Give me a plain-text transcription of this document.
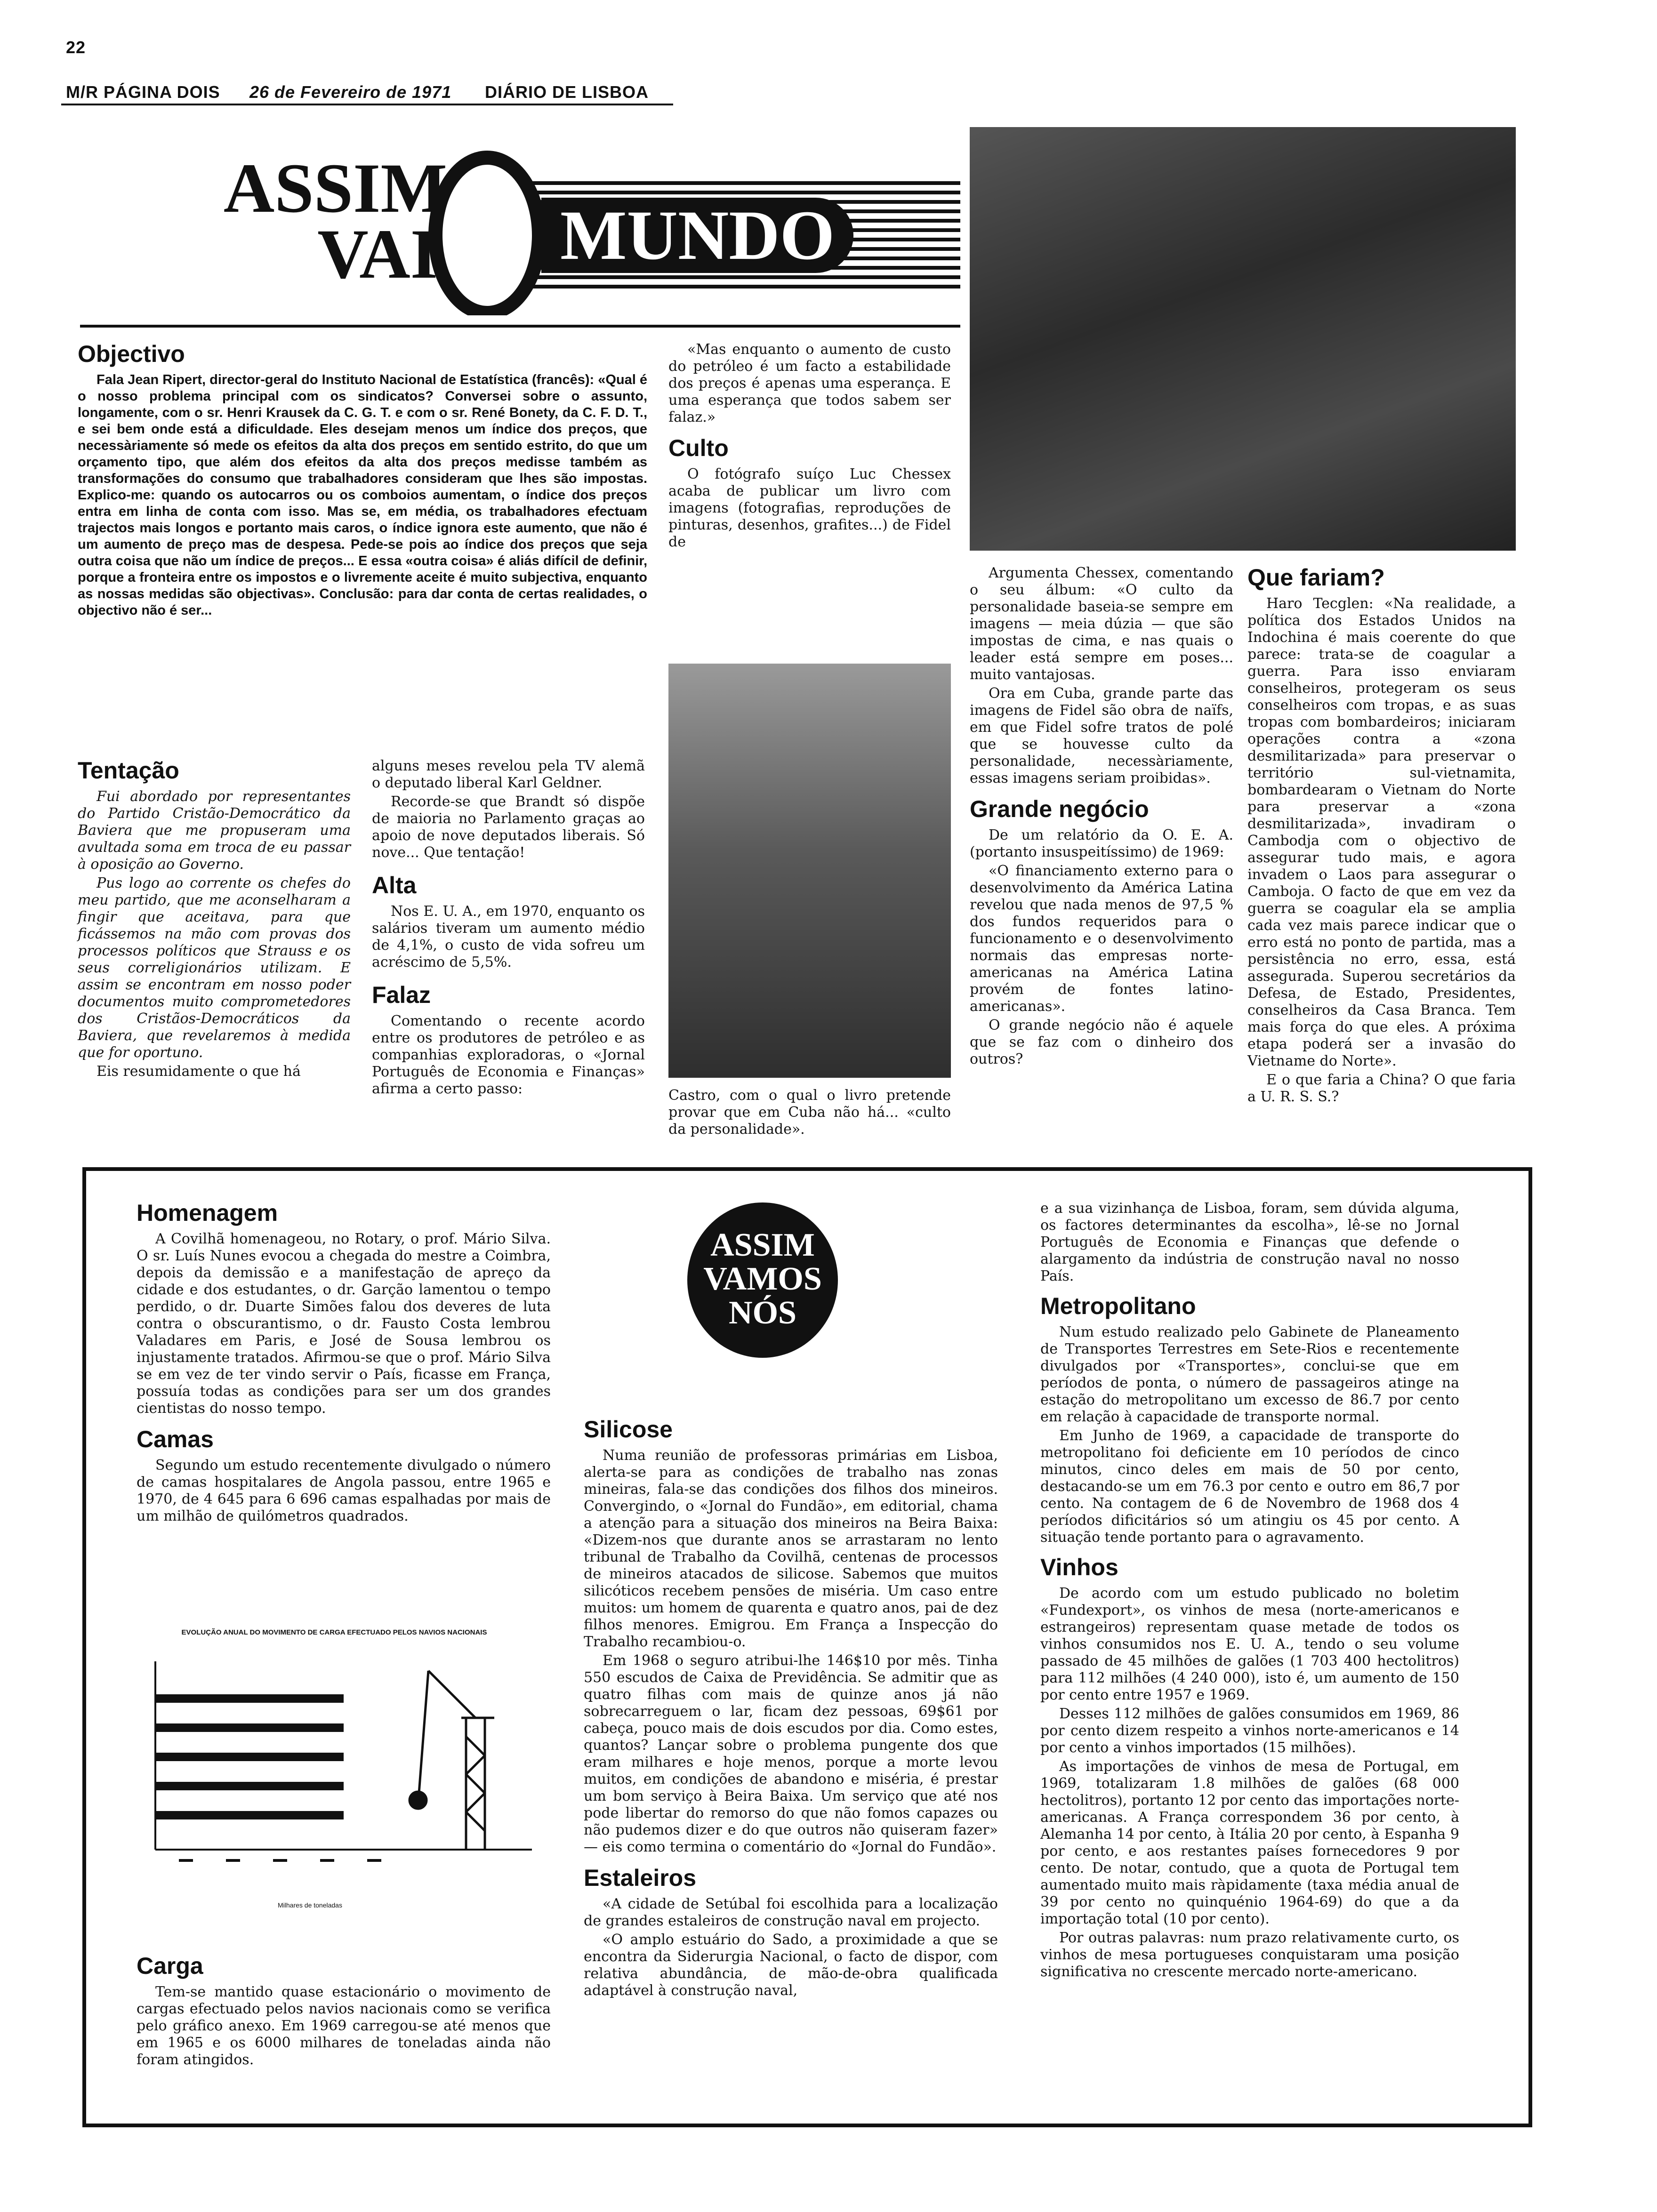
22
M/R PÁGINA DOIS 26 de Fevereiro de 1971 DIÁRIO DE LISBOA
ASSIM
VAI MUNDO
Objectivo

Fala Jean Ripert, director-geral do Instituto Nacional de Estatística (francês): «Qual é o nosso problema principal com os sindicatos? Conversei sobre o assunto, longamente, com o sr. Henri Krausek da C. G. T. e com o sr. René Bonety, da C. F. D. T., e sei bem onde está a dificuldade. Eles desejam menos um índice dos preços, que necessàriamente só mede os efeitos da alta dos preços em sentido estrito, do que um orçamento tipo, que além dos efeitos da alta dos preços medisse também as transformações do consumo que trabalhadores consideram que lhes são impostas. Explico-me: quando os autocarros ou os comboios aumentam, o índice dos preços entra em linha de conta com isso. Mas se, em média, os trabalhadores efectuam trajectos mais longos e portanto mais caros, o índice ignora este aumento, que não é um aumento de preço mas de despesa. Pede-se pois ao índice dos preços que seja outra coisa que não um índice de preços... E essa «outra coisa» é aliás difícil de definir, porque a fronteira entre os impostos e o livremente aceite é muito subjectiva, enquanto as nossas medidas são objectivas». Conclusão: para dar conta de certas realidades, o objectivo não é ser...

Tentação

Fui abordado por representantes do Partido Cristão-Democrático da Baviera que me propuseram uma avultada soma em troca de eu passar à oposição ao Governo.

Pus logo ao corrente os chefes do meu partido, que me aconselharam a fingir que aceitava, para que ficássemos na mão com provas dos processos políticos que Strauss e os seus correligionários utilizam. E assim se encontram em nosso poder documentos muito comprometedores dos Cristãos-Democráticos da Baviera, que revelaremos à medida que for oportuno.

Eis resumidamente o que há

alguns meses revelou pela TV alemã o deputado liberal Karl Geldner.

Recorde-se que Brandt só dispõe de maioria no Parlamento graças ao apoio de nove deputados liberais. Só nove... Que tentação!

Alta

Nos E. U. A., em 1970, enquanto os salários tiveram um aumento médio de 4,1%, o custo de vida sofreu um acréscimo de 5,5%.

Falaz

Comentando o recente acordo entre os produtores de petróleo e as companhias exploradoras, o «Jornal Português de Economia e Finanças» afirma a certo passo:

«Mas enquanto o aumento de custo do petróleo é um facto a estabilidade dos preços é apenas uma esperança. E uma esperança que todos sabem ser falaz.»

Culto

O fotógrafo suíço Luc Chessex acaba de publicar um livro com imagens (fotografias, reproduções de pinturas, desenhos, grafites...) de Fidel de

Castro, com o qual o livro pretende provar que em Cuba não há... «culto da personalidade».

Argumenta Chessex, comentando o seu álbum: «O culto da personalidade baseia-se sempre em imagens — meia dúzia — que são impostas de cima, e nas quais o leader está sempre em poses... muito vantajosas.

Ora em Cuba, grande parte das imagens de Fidel são obra de naïfs, em que Fidel sofre tratos de polé que se houvesse culto da personalidade, necessàriamente, essas imagens seriam proibidas».

Grande negócio

De um relatório da O. E. A. (portanto insuspeitíssimo) de 1969:

«O financiamento externo para o desenvolvimento da América Latina revelou que nada menos de 97,5 % dos fundos requeridos para o funcionamento e o desenvolvimento normais das empresas norte-americanas na América Latina provém de fontes latino-americanas».

O grande negócio não é aquele que se faz com o dinheiro dos outros?

Que fariam?

Haro Tecglen: «Na realidade, a política dos Estados Unidos na Indochina é mais coerente do que parece: trata-se de coagular a guerra. Para isso enviaram conselheiros, protegeram os seus conselheiros com tropas, e as suas tropas com bombardeiros; iniciaram operações contra a «zona desmilitarizada» para preservar o território sul-vietnamita, bombardearam o Vietnam do Norte para preservar a «zona desmilitarizada», invadiram o Cambodja com o objectivo de assegurar tudo mais, e agora invadem o Laos para assegurar o Camboja. O facto de que em vez da guerra se coagular ela se amplia cada vez mais parece indicar que o erro está no ponto de partida, mas a persistência no erro, essa, está assegurada. Superou secretários da Defesa, de Estado, Presidentes, conselheiros da Casa Branca. Tem mais força do que eles. A próxima etapa poderá ser a invasão do Vietname do Norte».

E o que faria a China? O que faria a U. R. S. S.?

Homenagem

A Covilhã homenageou, no Rotary, o prof. Mário Silva. O sr. Luís Nunes evocou a chegada do mestre a Coimbra, depois da demissão e a manifestação de apreço da cidade e dos estudantes, o dr. Garção lamentou o tempo perdido, o dr. Duarte Simões falou dos deveres de luta contra o obscurantismo, o dr. Fausto Costa lembrou Valadares em Paris, e José de Sousa lembrou os injustamente tratados. Afirmou-se que o prof. Mário Silva se em vez de ter vindo servir o País, ficasse em França, possuía todas as condições para ser um dos grandes cientistas do nosso tempo.

Camas

Segundo um estudo recentemente divulgado o número de camas hospitalares de Angola passou, entre 1965 e 1970, de 4 645 para 6 696 camas espalhadas por mais de um milhão de quilómetros quadrados.

EVOLUÇÃO ANUAL DO MOVIMENTO DE CARGA EFECTUADO PELOS NAVIOS NACIONAIS
Milhares de toneladas
Carga

Tem-se mantido quase estacionário o movimento de cargas efectuado pelos navios nacionais como se verifica pelo gráfico anexo. Em 1969 carregou-se até menos que em 1965 e os 6000 milhares de toneladas ainda não foram atingidos.

ASSIM
VAMOS
NÓS
Silicose

Numa reunião de professoras primárias em Lisboa, alerta-se para as condições de trabalho nas zonas mineiras, fala-se das condições dos filhos dos mineiros. Convergindo, o «Jornal do Fundão», em editorial, chama a atenção para a situação dos mineiros na Beira Baixa: «Dizem-nos que durante anos se arrastaram no lento tribunal de Trabalho da Covilhã, centenas de processos de mineiros atacados de silicose. Sabemos que muitos silicóticos recebem pensões de miséria. Um caso entre muitos: um homem de quarenta e quatro anos, pai de dez filhos menores. Emigrou. Em França a Inspecção do Trabalho recambiou-o.

Em 1968 o seguro atribui-lhe 146$10 por mês. Tinha 550 escudos de Caixa de Previdência. Se admitir que as quatro filhas com mais de quinze anos já não sobrecarreguem o lar, ficam dez pessoas, 69$61 por cabeça, pouco mais de dois escudos por dia. Como estes, quantos? Lançar sobre o problema pungente dos que eram milhares e hoje menos, porque a morte levou muitos, em condições de abandono e miséria, é prestar um bom serviço à Beira Baixa. Um serviço que até nos pode libertar do remorso do que não fomos capazes ou não pudemos dizer e do que outros não quiseram fazer» — eis como termina o comentário do «Jornal do Fundão».

Estaleiros

«A cidade de Setúbal foi escolhida para a localização de grandes estaleiros de construção naval em projecto.

«O amplo estuário do Sado, a proximidade a que se encontra da Siderurgia Nacional, o facto de dispor, com relativa abundância, de mão-de-obra qualificada adaptável à construção naval,

e a sua vizinhança de Lisboa, foram, sem dúvida alguma, os factores determinantes da escolha», lê-se no Jornal Português de Economia e Finanças que defende o alargamento da indústria de construção naval no nosso País.

Metropolitano

Num estudo realizado pelo Gabinete de Planeamento de Transportes Terrestres em Sete-Rios e recentemente divulgados por «Transportes», conclui-se que em períodos de ponta, o número de passageiros atinge na estação do metropolitano um excesso de 86.7 por cento em relação à capacidade de transporte normal.

Em Junho de 1969, a capacidade de transporte do metropolitano foi deficiente em 10 períodos de cinco minutos, cinco deles em mais de 50 por cento, destacando-se um em 76.3 por cento e outro em 86,7 por cento. Na contagem de 6 de Novembro de 1968 dos 4 períodos dificitários só um atingiu os 45 por cento. A situação tende portanto para o agravamento.

Vinhos

De acordo com um estudo publicado no boletim «Fundexport», os vinhos de mesa (norte-americanos e estrangeiros) representam quase metade de todos os vinhos consumidos nos E. U. A., tendo o seu volume passado de 45 milhões de galões (1 703 400 hectolitros) para 112 milhões (4 240 000), isto é, um aumento de 150 por cento entre 1957 e 1969.

Desses 112 milhões de galões consumidos em 1969, 86 por cento dizem respeito a vinhos norte-americanos e 14 por cento a vinhos importados (15 milhões).

As importações de vinhos de mesa de Portugal, em 1969, totalizaram 1.8 milhões de galões (68 000 hectolitros), portanto 12 por cento das importações norte-americanas. A França correspondem 36 por cento, à Alemanha 14 por cento, à Itália 20 por cento, à Espanha 9 por cento, e aos restantes países fornecedores 9 por cento. De notar, contudo, que a quota de Portugal tem aumentado muito mais ràpidamente (taxa média anual de 39 por cento no quinquénio 1964-69) do que a da importação total (10 por cento).

Por outras palavras: num prazo relativamente curto, os vinhos de mesa portugueses conquistaram uma posição significativa no crescente mercado norte-americano.
